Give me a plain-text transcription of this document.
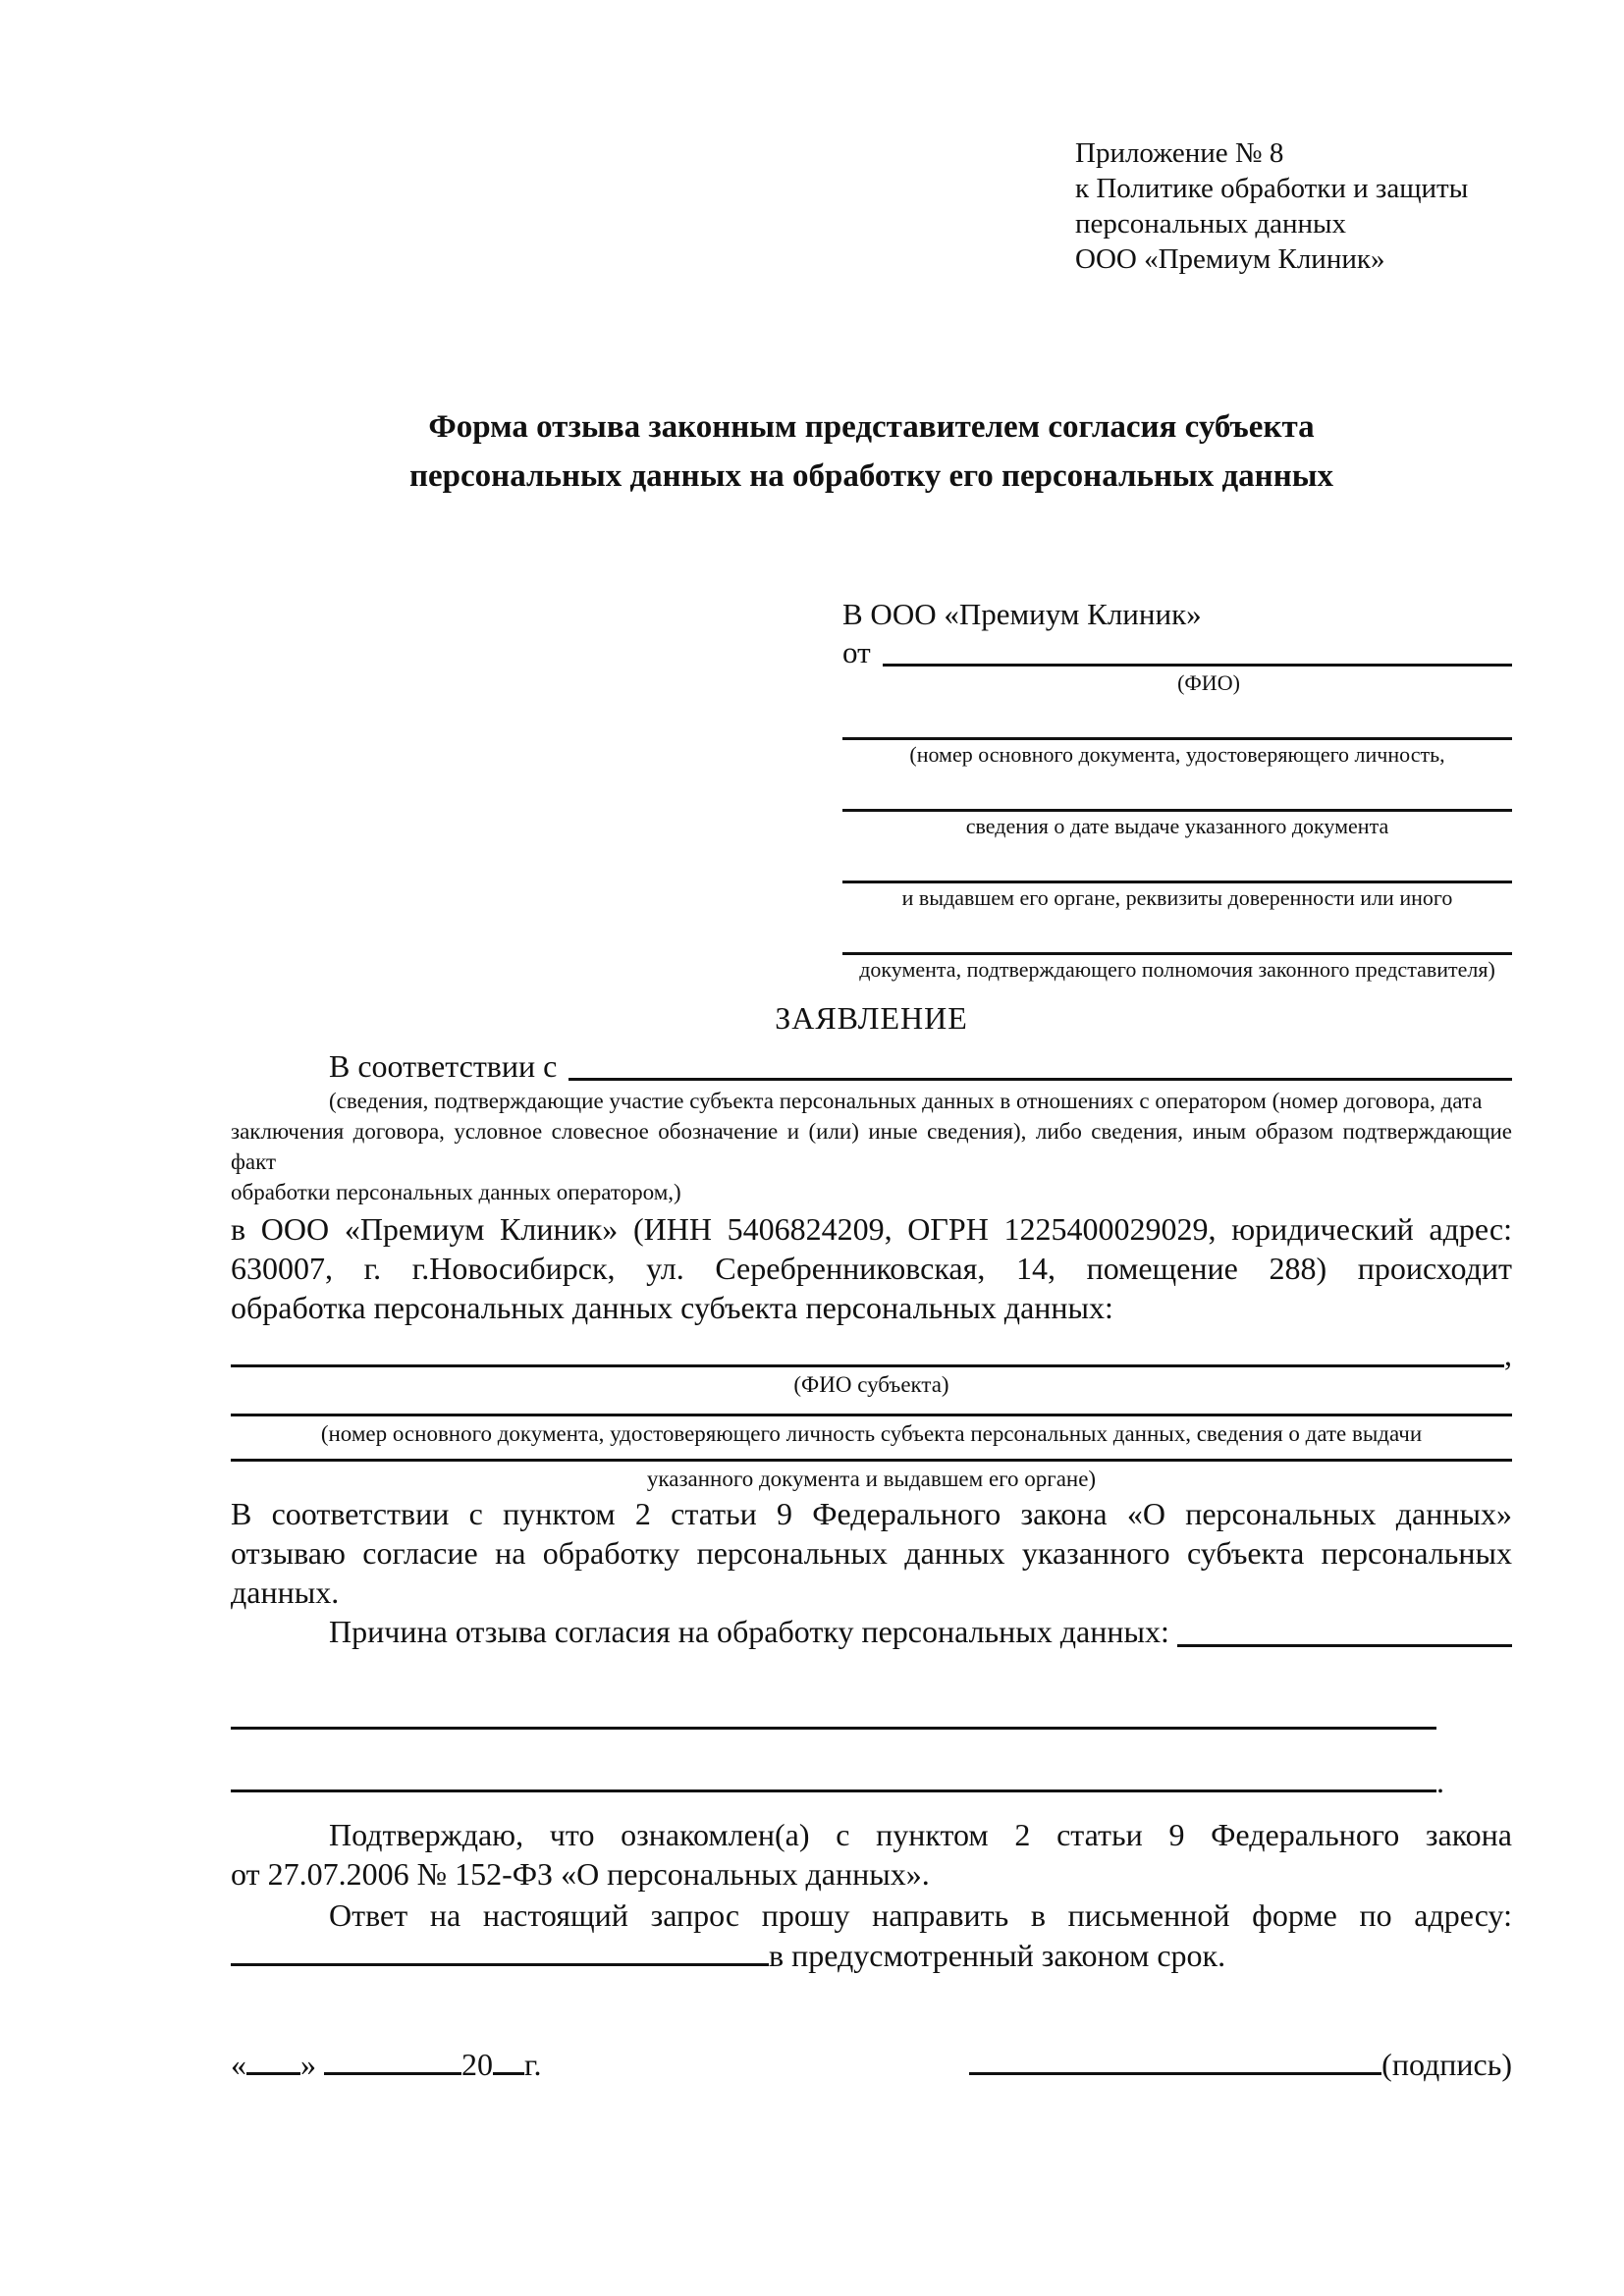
Приложение № 8
к Политике обработки и защиты
персональных данных
ООО «Премиум Клиник»
Форма отзыва законным представителем согласия субъекта
персональных данных на обработку его персональных данных
В ООО «Премиум Клиник»
от
(ФИО)
(номер основного документа, удостоверяющего личность,
сведения о дате выдаче указанного документа
и выдавшем его органе, реквизиты доверенности или иного
документа, подтверждающего полномочия законного представителя)
ЗАЯВЛЕНИЕ
В соответствии с
(сведения, подтверждающие участие субъекта персональных данных в отношениях с оператором (номер договора, дата
заключения договора, условное словесное обозначение и (или) иные сведения), либо сведения, иным образом подтверждающие факт
обработки персональных данных оператором,)
в ООО «Премиум Клиник» (ИНН 5406824209, ОГРН 1225400029029, юридический адрес:
630007, г. г.Новосибирск, ул. Серебренниковская, 14, помещение 288) происходит
обработка персональных данных субъекта персональных данных:
,
(ФИО субъекта)
(номер основного документа, удостоверяющего личность субъекта персональных данных, сведения о дате выдачи
указанного документа и выдавшем его органе)
В соответствии с пунктом 2 статьи 9 Федерального закона «О персональных данных»
отзываю согласие на обработку персональных данных указанного субъекта персональных
данных.
Причина отзыва согласия на обработку персональных данных:
.
Подтверждаю, что ознакомлен(а) с пунктом 2 статьи 9 Федерального закона
от 27.07.2006 № 152-ФЗ «О персональных данных».
Ответ на настоящий запрос прошу направить в письменной форме по адресу:
в предусмотренный законом срок.
« »	20 г.	(подпись)
